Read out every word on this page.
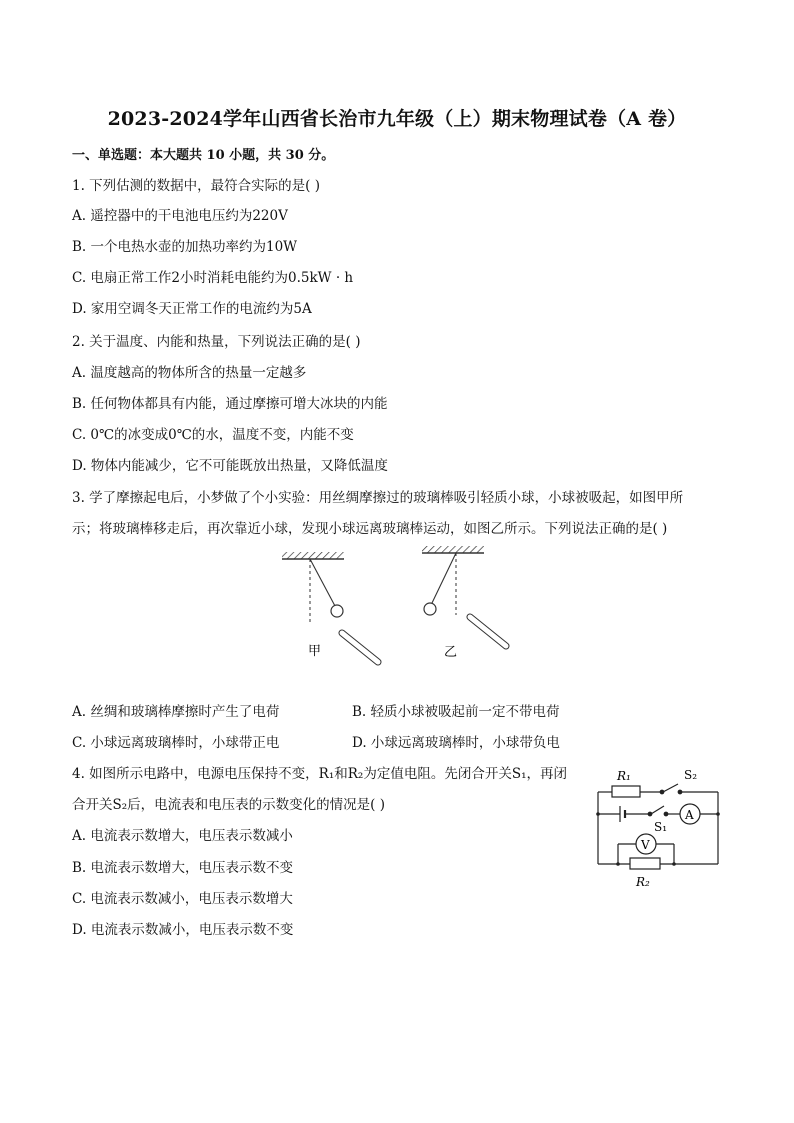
2023-2024学年山西省长治市九年级（上）期末物理试卷（A 卷）
一、单选题：本大题共 10 小题，共 30 分。
1. 下列估测的数据中，最符合实际的是( )
A. 遥控器中的干电池电压约为220V
B. 一个电热水壶的加热功率约为10W
C. 电扇正常工作2小时消耗电能约为0.5kW · h
D. 家用空调冬天正常工作的电流约为5A
2. 关于温度、内能和热量，下列说法正确的是( )
A. 温度越高的物体所含的热量一定越多
B. 任何物体都具有内能，通过摩擦可增大冰块的内能
C. 0℃的冰变成0℃的水，温度不变，内能不变
D. 物体内能减少，它不可能既放出热量，又降低温度
3. 学了摩擦起电后，小梦做了个小实验：用丝绸摩擦过的玻璃棒吸引轻质小球，小球被吸起，如图甲所
示；将玻璃棒移走后，再次靠近小球，发现小球远离玻璃棒运动，如图乙所示。下列说法正确的是( )
甲	乙
A. 丝绸和玻璃棒摩擦时产生了电荷	B. 轻质小球被吸起前一定不带电荷
C. 小球远离玻璃棒时，小球带正电	D. 小球远离玻璃棒时，小球带负电
4. 如图所示电路中，电源电压保持不变，R₁和R₂为定值电阻。先闭合开关S₁，再闭
合开关S₂后，电流表和电压表的示数变化的情况是( )
A. 电流表示数增大，电压表示数减小
B. 电流表示数增大，电压表示数不变
C. 电流表示数减小，电压表示数增大
D. 电流表示数减小，电压表示数不变
R₁	S₂
S₁
A
V
R₂
